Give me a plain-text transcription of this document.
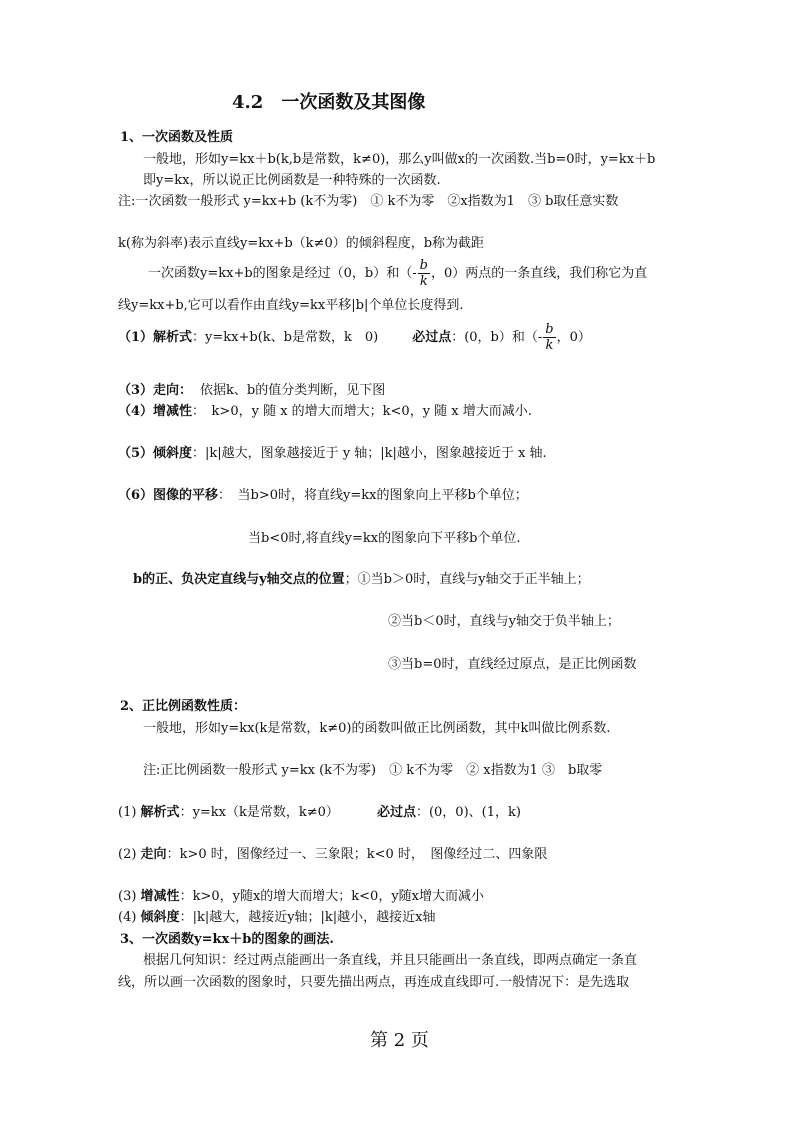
4.2　一次函数及其图像
1、一次函数及性质
一般地，形如y=kx＋b(k,b是常数，k≠0)，那么y叫做x的一次函数.当b=0时，y=kx＋b
即y=kx，所以说正比例函数是一种特殊的一次函数.
注:一次函数一般形式 y=kx+b (k不为零)　① k不为零　②x指数为1　③ b取任意实数
k(称为斜率)表示直线y=kx+b（k≠0）的倾斜程度，b称为截距
一次函数y=kx+b的图象是经过（0，b）和（- $\frac{b}{k}$ ，0）两点的一条直线，我们称它为直
线y=kx+b,它可以看作由直线y=kx平移|b|个单位长度得到.
（1）解析式：y=kx+b(k、b是常数，k　0)	必过点：(0，b）和（- $\frac{b}{k}$ ，0）
（3）走向： 依据k、b的值分类判断，见下图
（4）增减性：　k>0，y 随 x 的增大而增大；k<0，y 随 x 增大而减小.
（5）倾斜度：|k|越大，图象越接近于 y 轴；|k|越小，图象越接近于 x 轴.
（6）图像的平移：　当b>0时，将直线y=kx的图象向上平移b个单位；
当b<0时,将直线y=kx的图象向下平移b个单位.
b的正、负决定直线与y轴交点的位置；①当b＞0时，直线与y轴交于正半轴上；
②当b＜0时，直线与y轴交于负半轴上；
③当b=0时，直线经过原点，是正比例函数
2、正比例函数性质：
一般地，形如y=kx(k是常数，k≠0)的函数叫做正比例函数，其中k叫做比例系数.
注:正比例函数一般形式 y=kx (k不为零)　① k不为零　② x指数为1 ③　b取零
(1) 解析式：y=kx（k是常数，k≠0）	必过点：(0，0)、(1，k)
(2) 走向：k>0 时，图像经过一、三象限；k<0 时，　图像经过二、四象限
(3) 增减性：k>0，y随x的增大而增大；k<0，y随x增大而减小
(4) 倾斜度：|k|越大，越接近y轴；|k|越小，越接近x轴
3、一次函数y=kx＋b的图象的画法.
根据几何知识：经过两点能画出一条直线，并且只能画出一条直线，即两点确定一条直
线，所以画一次函数的图象时，只要先描出两点，再连成直线即可.一般情况下：是先选取
第 2 页
